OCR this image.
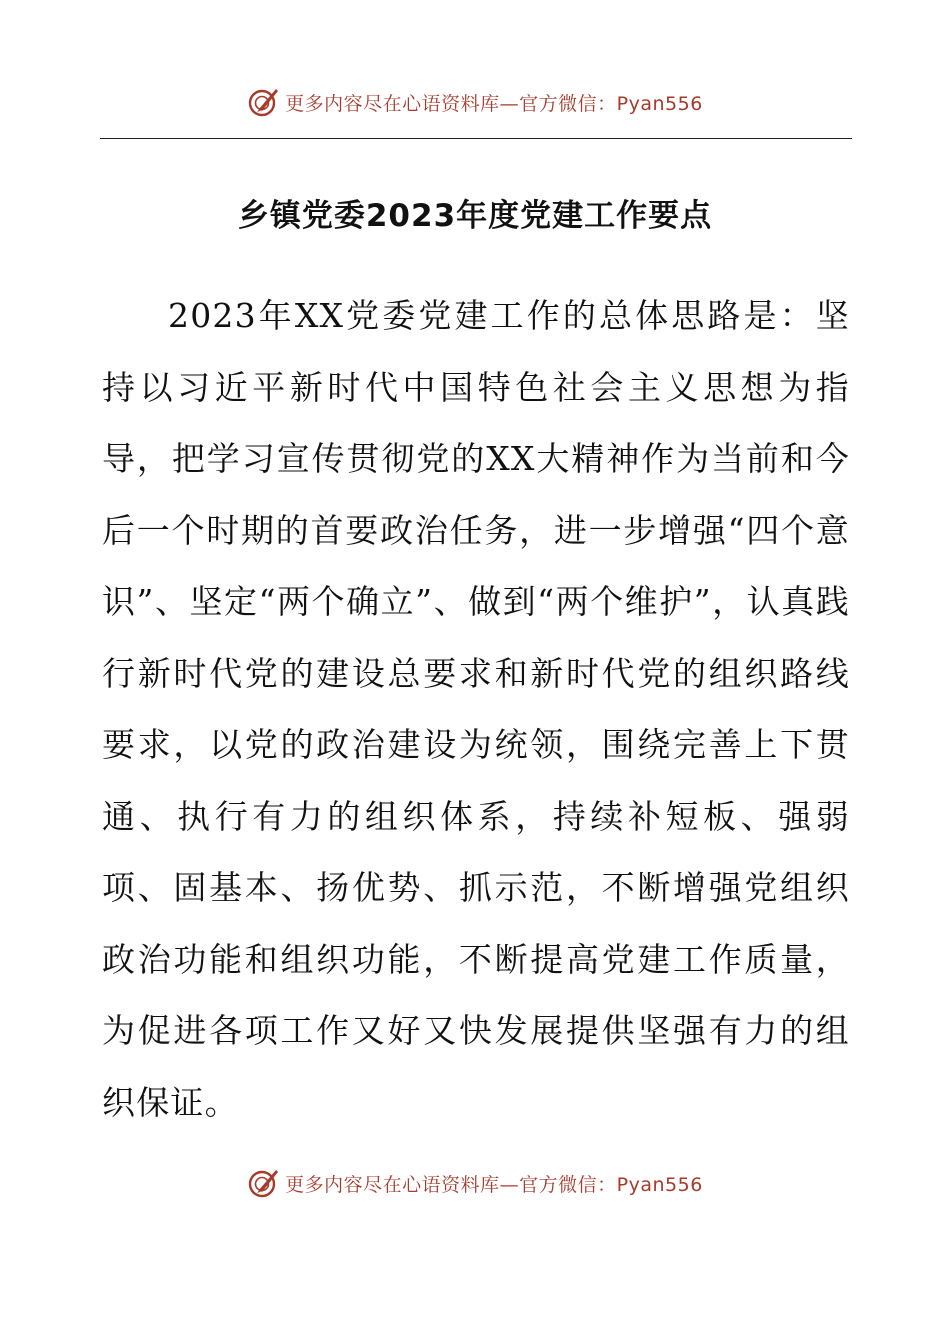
更多内容尽在心语资料库—官方微信：Pyan556
乡镇党委2023年度党建工作要点

2023年XX党委党建工作的总体思路是：坚持以习近平新时代中国特色社会主义思想为指导，把学习宣传贯彻党的XX大精神作为当前和今后一个时期的首要政治任务，进一步增强“四个意识”、坚定“两个确立”、做到“两个维护”，认真践行新时代党的建设总要求和新时代党的组织路线要求，以党的政治建设为统领，围绕完善上下贯通、执行有力的组织体系，持续补短板、强弱项、固基本、扬优势、抓示范，不断增强党组织政治功能和组织功能，不断提高党建工作质量，为促进各项工作又好又快发展提供坚强有力的组织保证。

更多内容尽在心语资料库—官方微信：Pyan556
